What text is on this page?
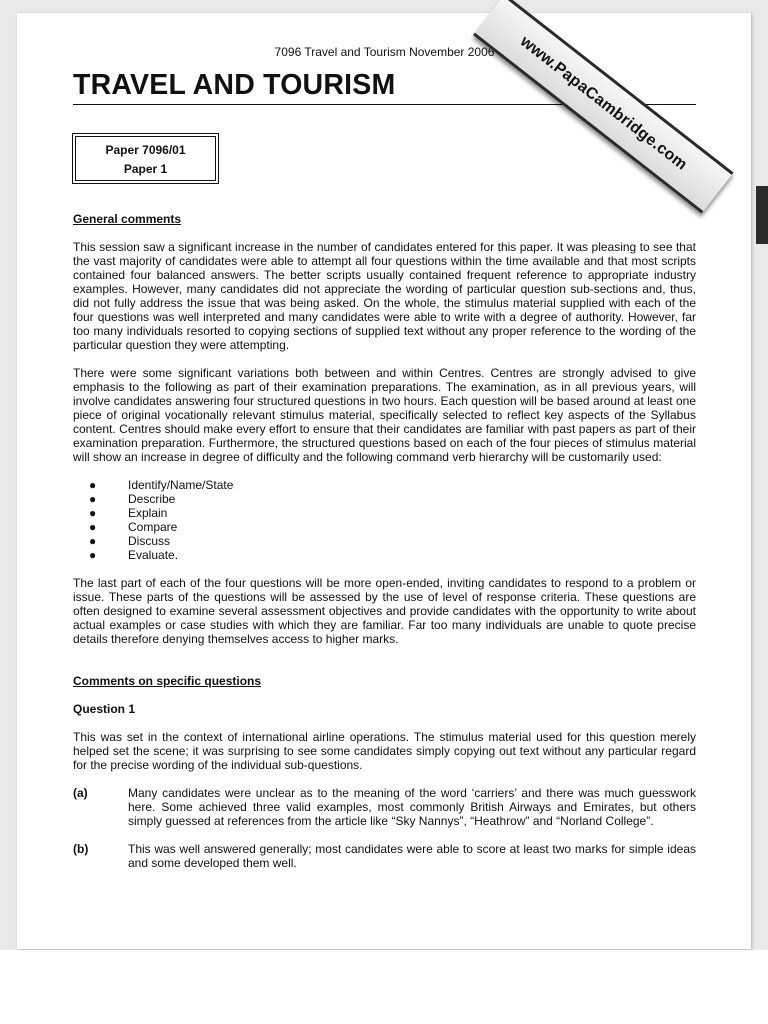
7096 Travel and Tourism November 2006
TRAVEL AND TOURISM
Paper 7096/01
Paper 1
General comments

This session saw a significant increase in the number of candidates entered for this paper. It was pleasing to see that the vast majority of candidates were able to attempt all four questions within the time available and that most scripts contained four balanced answers. The better scripts usually contained frequent reference to appropriate industry examples. However, many candidates did not appreciate the wording of particular question sub-sections and, thus, did not fully address the issue that was being asked. On the whole, the stimulus material supplied with each of the four questions was well interpreted and many candidates were able to write with a degree of authority. However, far too many individuals resorted to copying sections of supplied text without any proper reference to the wording of the particular question they were attempting.

There were some significant variations both between and within Centres. Centres are strongly advised to give emphasis to the following as part of their examination preparations. The examination, as in all previous years, will involve candidates answering four structured questions in two hours. Each question will be based around at least one piece of original vocationally relevant stimulus material, specifically selected to reflect key aspects of the Syllabus content. Centres should make every effort to ensure that their candidates are familiar with past papers as part of their examination preparation. Furthermore, the structured questions based on each of the four pieces of stimulus material will show an increase in degree of difficulty and the following command verb hierarchy will be customarily used:

●	Identify/Name/State
●	Describe
●	Explain
●	Compare
●	Discuss
●	Evaluate.

The last part of each of the four questions will be more open-ended, inviting candidates to respond to a problem or issue. These parts of the questions will be assessed by the use of level of response criteria. These questions are often designed to examine several assessment objectives and provide candidates with the opportunity to write about actual examples or case studies with which they are familiar. Far too many individuals are unable to quote precise details therefore denying themselves access to higher marks.

Comments on specific questions
Question 1

This was set in the context of international airline operations. The stimulus material used for this question merely helped set the scene; it was surprising to see some candidates simply copying out text without any particular regard for the precise wording of the individual sub-questions.

(a)	Many candidates were unclear as to the meaning of the word ‘carriers’ and there was much guesswork here. Some achieved three valid examples, most commonly British Airways and Emirates, but others simply guessed at references from the article like “Sky Nannys”, “Heathrow” and “Norland College”.
(b)	This was well answered generally; most candidates were able to score at least two marks for simple ideas and some developed them well.
www.PapaCambridge.com
